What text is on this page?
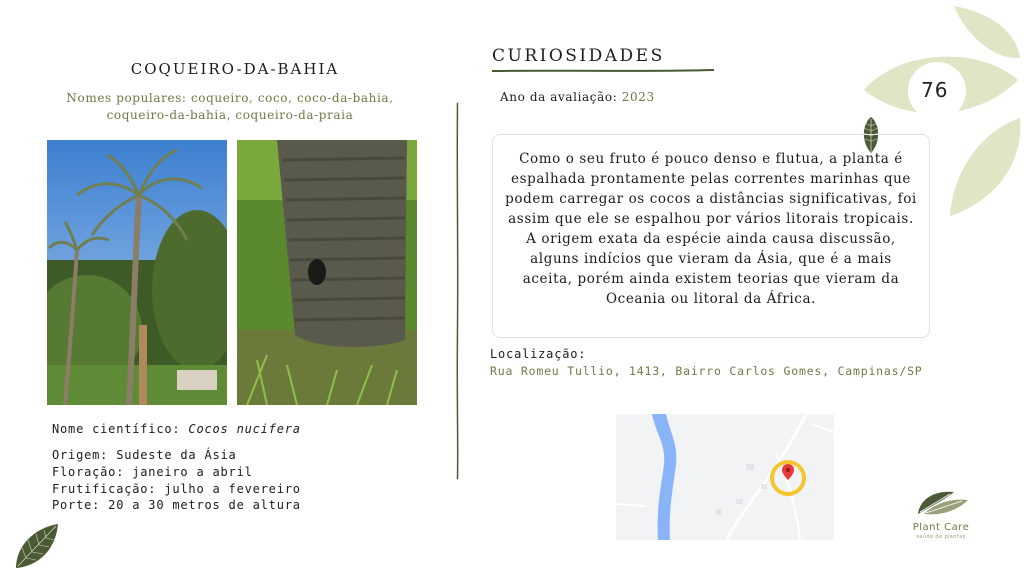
76
COQUEIRO-DA-BAHIA
Nomes populares: coqueiro, coco, coco-da-bahia,
coqueiro-da-bahia, coqueiro-da-praia
Nome científico: Cocos nucifera
Origem: Sudeste da Ásia
Floração: janeiro a abril
Frutificação: julho a fevereiro
Porte: 20 a 30 metros de altura
CURIOSIDADES
Ano da avaliação: 2023
Como o seu fruto é pouco denso e flutua, a planta é espalhada prontamente pelas correntes marinhas que podem carregar os cocos a distâncias significativas, foi assim que ele se espalhou por vários litorais tropicais. A origem exata da espécie ainda causa discussão, alguns indícios que vieram da Ásia, que é a mais aceita, porém ainda existem teorias que vieram da Oceania ou litoral da África.
Localização:
Rua Romeu Tullio, 1413, Bairro Carlos Gomes, Campinas/SP
Plant Care
saúde de plantas
